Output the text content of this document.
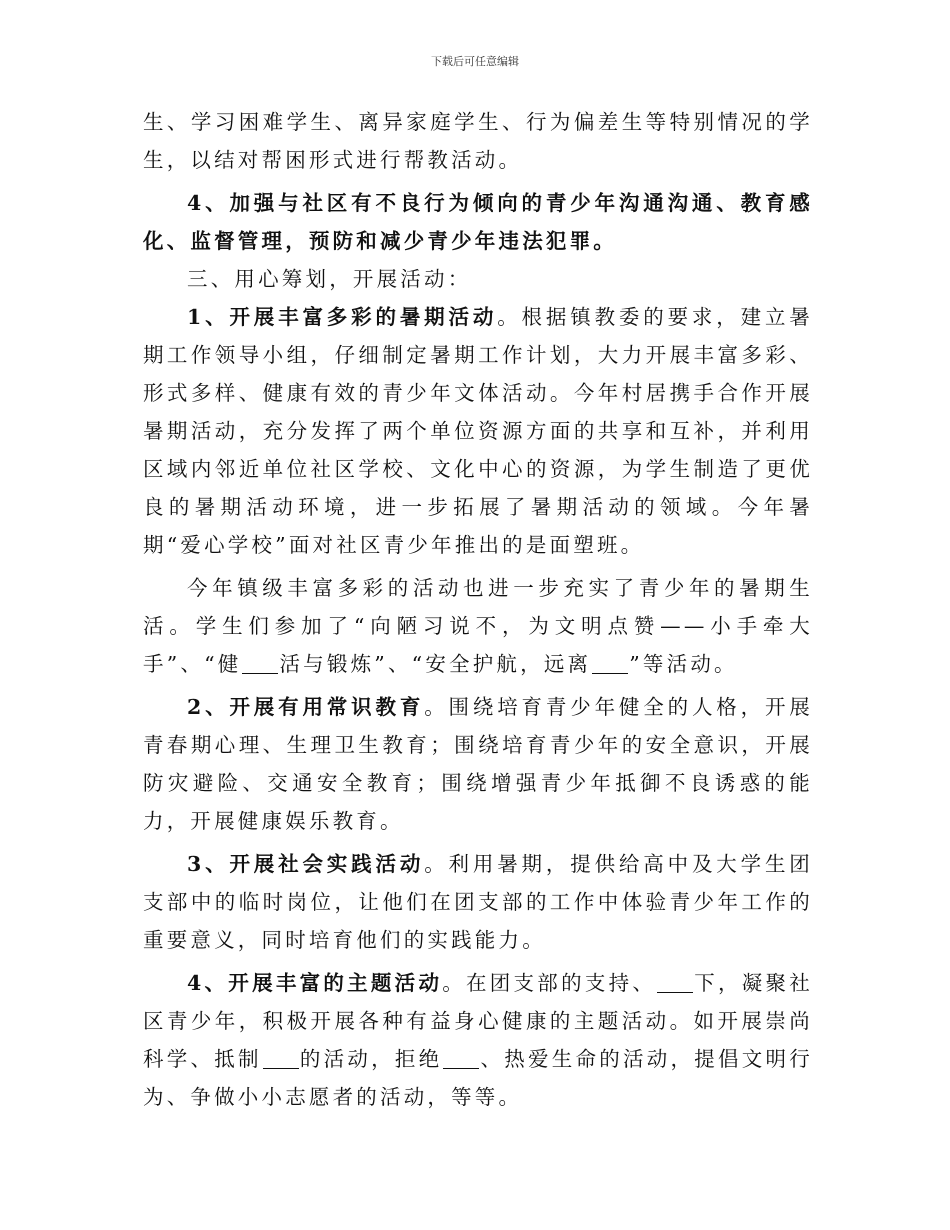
下载后可任意编辑

生、学习困难学生、离异家庭学生、行为偏差生等特别情况的学生，以结对帮困形式进行帮教活动。

4、加强与社区有不良行为倾向的青少年沟通沟通、教育感化、监督管理，预防和减少青少年违法犯罪。

三、用心筹划，开展活动：

1、开展丰富多彩的暑期活动。根据镇教委的要求，建立暑期工作领导小组，仔细制定暑期工作计划，大力开展丰富多彩、形式多样、健康有效的青少年文体活动。今年村居携手合作开展暑期活动，充分发挥了两个单位资源方面的共享和互补，并利用区域内邻近单位社区学校、文化中心的资源，为学生制造了更优良的暑期活动环境，进一步拓展了暑期活动的领域。今年暑期“爱心学校”面对社区青少年推出的是面塑班。

今年镇级丰富多彩的活动也进一步充实了青少年的暑期生活。学生们参加了“向陋习说不，为文明点赞——小手牵大手”、“健 活与锻炼”、“安全护航，远离 ”等活动。

2、开展有用常识教育。围绕培育青少年健全的人格，开展青春期心理、生理卫生教育；围绕培育青少年的安全意识，开展防灾避险、交通安全教育；围绕增强青少年抵御不良诱惑的能力，开展健康娱乐教育。

3、开展社会实践活动。利用暑期，提供给高中及大学生团支部中的临时岗位，让他们在团支部的工作中体验青少年工作的重要意义，同时培育他们的实践能力。

4、开展丰富的主题活动。在团支部的支持、 下，凝聚社区青少年，积极开展各种有益身心健康的主题活动。如开展崇尚科学、抵制 的活动，拒绝 、热爱生命的活动，提倡文明行为、争做小小志愿者的活动，等等。
